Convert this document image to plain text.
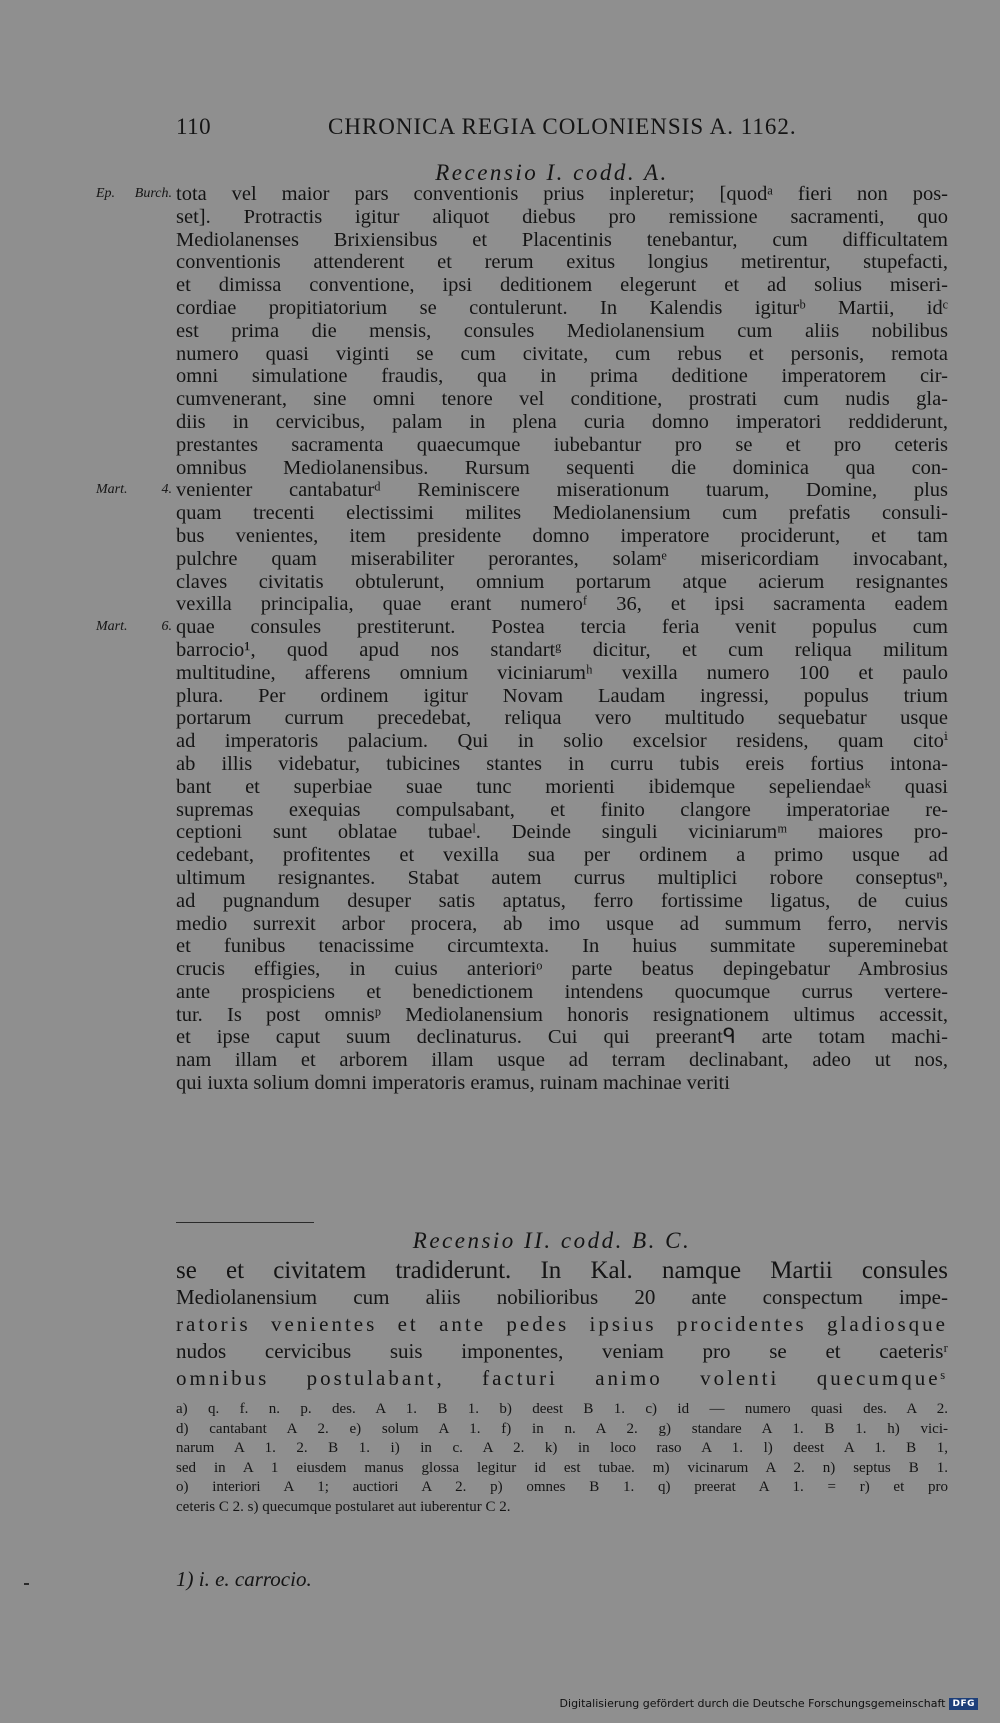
110	CHRONICA REGIA COLONIENSIS A. 1162.
Recensio I. codd. A.
tota vel maior pars conventionis prius inpleretur; [quodᵃ fieri non pos-
Ep. Burch.
set]. Protractis igitur aliquot diebus pro remissione sacramenti, quo
Mediolanenses Brixiensibus et Placentinis tenebantur, cum difficultatem
conventionis attenderent et rerum exitus longius metirentur, stupefacti,
et dimissa conventione, ipsi deditionem elegerunt et ad solius miseri-
cordiae propitiatorium se contulerunt. In Kalendis igiturᵇ Martii, idᶜ
est prima die mensis, consules Mediolanensium cum aliis nobilibus
numero quasi viginti se cum civitate, cum rebus et personis, remota
omni simulatione fraudis, qua in prima deditione imperatorem cir-
cumvenerant, sine omni tenore vel conditione, prostrati cum nudis gla-
diis in cervicibus, palam in plena curia domno imperatori reddiderunt,
prestantes sacramenta quaecumque iubebantur pro se et pro ceteris
omnibus Mediolanensibus. Rursum sequenti die dominica qua con-
venienter cantabaturᵈ Reminiscere miserationum tuarum, Domine, plus
Mart. 4.
quam trecenti electissimi milites Mediolanensium cum prefatis consuli-
bus venientes, item presidente domno imperatore prociderunt, et tam
pulchre quam miserabiliter perorantes, solamᵉ misericordiam invocabant,
claves civitatis obtulerunt, omnium portarum atque acierum resignantes
vexilla principalia, quae erant numeroᶠ 36, et ipsi sacramenta eadem
quae consules prestiterunt. Postea tercia feria venit populus cum
Mart. 6.
barrocio¹, quod apud nos standartᵍ dicitur, et cum reliqua militum
multitudine, afferens omnium viciniarumʰ vexilla numero 100 et paulo
plura. Per ordinem igitur Novam Laudam ingressi, populus trium
portarum currum precedebat, reliqua vero multitudo sequebatur usque
ad imperatoris palacium. Qui in solio excelsior residens, quam citoⁱ
ab illis videbatur, tubicines stantes in curru tubis ereis fortius intona-
bant et superbiae suae tunc morienti ibidemque sepeliendaeᵏ quasi
supremas exequias compulsabant, et finito clangore imperatoriae re-
ceptioni sunt oblatae tubaeˡ. Deinde singuli viciniarumᵐ maiores pro-
cedebant, profitentes et vexilla sua per ordinem a primo usque ad
ultimum resignantes. Stabat autem currus multiplici robore conseptusⁿ,
ad pugnandum desuper satis aptatus, ferro fortissime ligatus, de cuius
medio surrexit arbor procera, ab imo usque ad summum ferro, nervis
et funibus tenacissime circumtexta. In huius summitate supereminebat
crucis effigies, in cuius anterioriᵒ parte beatus depingebatur Ambrosius
ante prospiciens et benedictionem intendens quocumque currus vertere-
tur. Is post omnisᵖ Mediolanensium honoris resignationem ultimus accessit,
et ipse caput suum declinaturus. Cui qui preerantᑫ arte totam machi-
nam illam et arborem illam usque ad terram declinabant, adeo ut nos,
qui iuxta solium domni imperatoris eramus, ruinam machinae veriti
Recensio II. codd. B. C.
se et civitatem tradiderunt. In Kal. namque Martii consules
Mediolanensium cum aliis nobilioribus 20 ante conspectum impe-
ratoris venientes et ante pedes ipsius procidentes gladiosque
nudos cervicibus suis imponentes, veniam pro se et caeterisʳ
omnibus postulabant, facturi animo volenti quecumqueˢ
a) q. f. n. p. des. A 1. B 1. b) deest B 1. c) id — numero quasi des. A 2.
d) cantabant A 2. e) solum A 1. f) in n. A 2. g) standare A 1. B 1. h) vici-
narum A 1. 2. B 1. i) in c. A 2. k) in loco raso A 1. l) deest A 1. B 1,
sed in A 1 eiusdem manus glossa legitur id est tubae. m) vicinarum A 2. n) septus B 1.
o) interiori A 1; auctiori A 2. p) omnes B 1. q) preerat A 1. = r) et pro
ceteris C 2. s) quecumque postularet aut iuberentur C 2.
1) i. e. carrocio.
Digitalisierung gefördert durch die Deutsche Forschungsgemeinschaft DFG
